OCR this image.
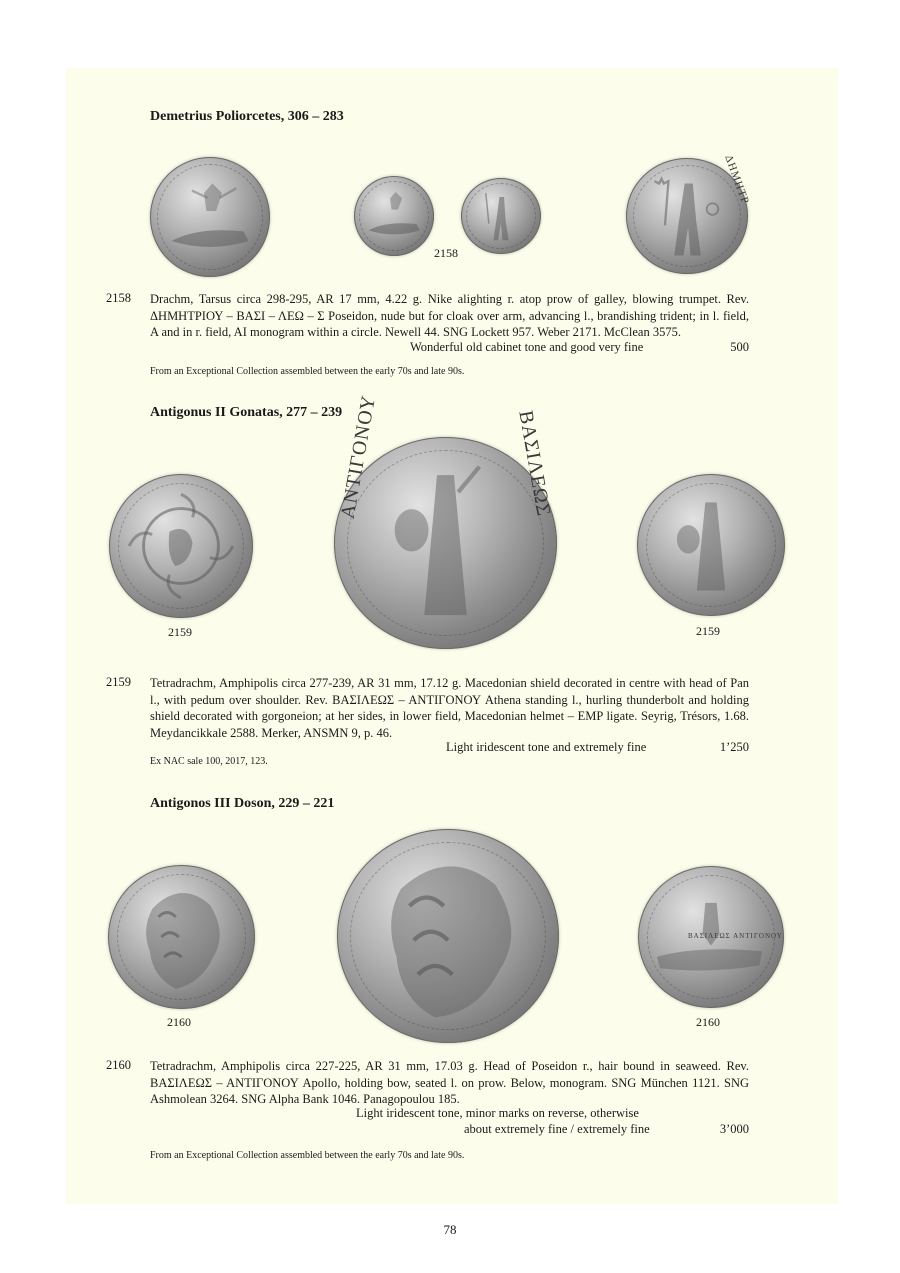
Demetrius Poliorcetes, 306 – 283
ΔΗΜΗΤΡ
2158
2158 Drachm, Tarsus circa 298-295, AR 17 mm, 4.22 g. Nike alighting r. atop prow of galley, blowing trumpet. Rev. ΔΗΜΗΤΡΙΟΥ – ΒΑΣΙ – ΛΕΩ – Σ Poseidon, nude but for cloak over arm, advancing l., brandishing trident; in l. field, A and in r. field, AI monogram within a circle. Newell 44. SNG Lockett 957. Weber 2171. McClean 3575.

Wonderful old cabinet tone and good very fine	500
From an Exceptional Collection assembled between the early 70s and late 90s.
Antigonus II Gonatas, 277 – 239	ΒΑΣΙΛΕΩΣ
ΑΝΤΙΓΟΝΟΥ
2159	2159
2159 Tetradrachm, Amphipolis circa 277-239, AR 31 mm, 17.12 g. Macedonian shield decorated in centre with head of Pan l., with pedum over shoulder. Rev. ΒΑΣΙΛΕΩΣ – ΑΝΤΙΓΟΝΟΥ Athena standing l., hurling thunderbolt and holding shield decorated with gorgoneion; at her sides, in lower field, Macedonian helmet – EMP ligate. Seyrig, Trésors, 1.68. Meydancikkale 2588. Merker, ANSMN 9, p. 46.

Light iridescent tone and extremely fine	1’250
Ex NAC sale 100, 2017, 123.
Antigonos III Doson, 229 – 221
ΒΑΣΙΛΕΩΣ ΑΝΤΙΓΟΝΟΥ
2160	2160
2160 Tetradrachm, Amphipolis circa 227-225, AR 31 mm, 17.03 g. Head of Poseidon r., hair bound in seaweed. Rev. ΒΑΣΙΛΕΩΣ – ΑΝΤΙΓΟΝΟΥ Apollo, holding bow, seated l. on prow. Below, monogram. SNG München 1121. SNG Ashmolean 3264. SNG Alpha Bank 1046. Panagopoulou 185.

Light iridescent tone, minor marks on reverse, otherwise
about extremely fine / extremely fine	3’000
From an Exceptional Collection assembled between the early 70s and late 90s.
78
